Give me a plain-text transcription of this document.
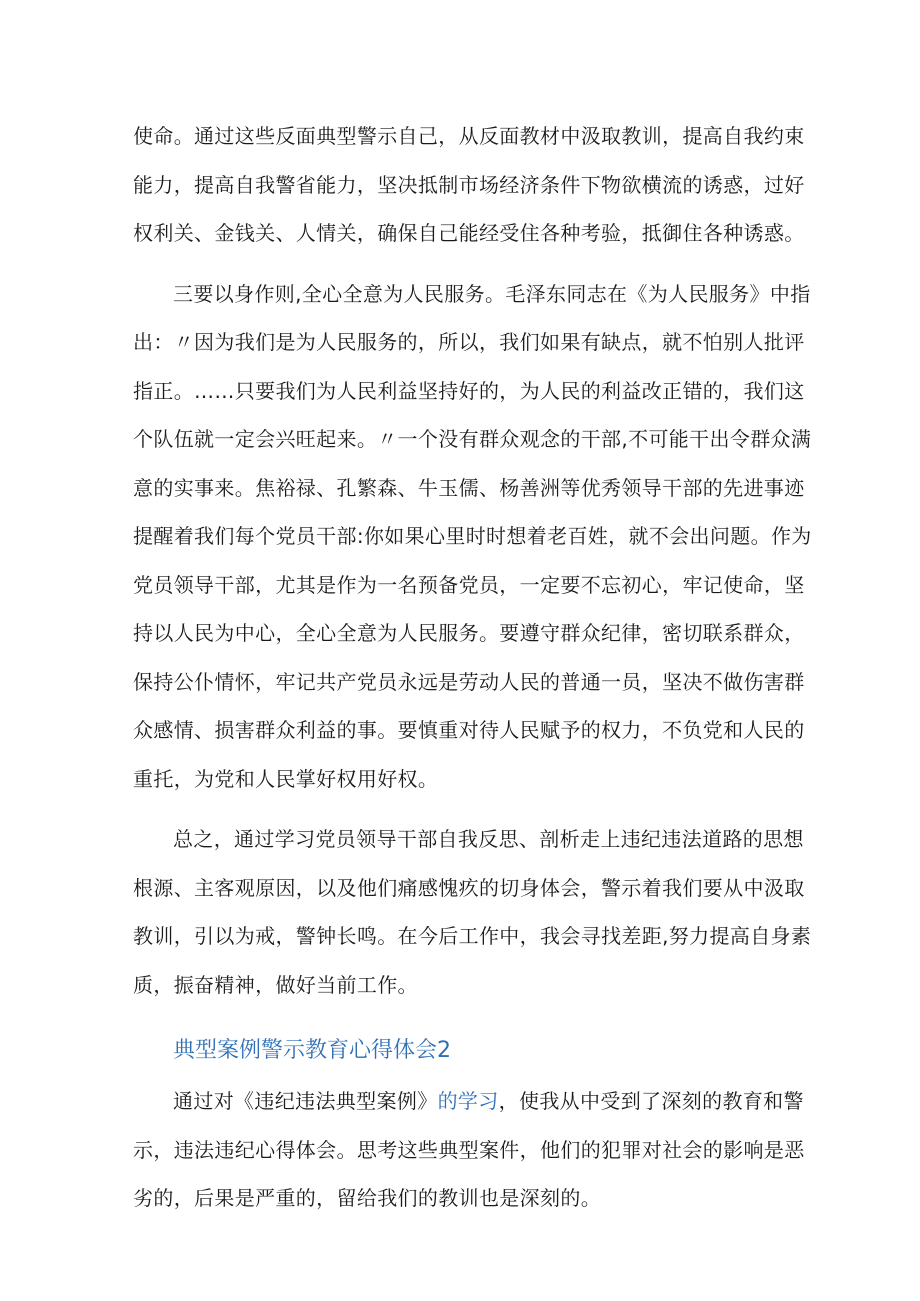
使命。通过这些反面典型警示自己，从反面教材中汲取教训，提高自我约束能力，提高自我警省能力，坚决抵制市场经济条件下物欲横流的诱惑，过好权利关、金钱关、人情关，确保自己能经受住各种考验，抵御住各种诱惑。

三要以身作则,全心全意为人民服务。毛泽东同志在《为人民服务》中指出：〃因为我们是为人民服务的，所以，我们如果有缺点，就不怕别人批评指正。……只要我们为人民利益坚持好的，为人民的利益改正错的，我们这个队伍就一定会兴旺起来。〃一个没有群众观念的干部,不可能干出令群众满意的实事来。焦裕禄、孔繁森、牛玉儒、杨善洲等优秀领导干部的先进事迹提醒着我们每个党员干部:你如果心里时时想着老百姓，就不会出问题。作为党员领导干部，尤其是作为一名预备党员，一定要不忘初心，牢记使命，坚持以人民为中心，全心全意为人民服务。要遵守群众纪律，密切联系群众，保持公仆情怀，牢记共产党员永远是劳动人民的普通一员，坚决不做伤害群众感情、损害群众利益的事。要慎重对待人民赋予的权力，不负党和人民的重托，为党和人民掌好权用好权。

总之，通过学习党员领导干部自我反思、剖析走上违纪违法道路的思想根源、主客观原因，以及他们痛感愧疚的切身体会，警示着我们要从中汲取教训，引以为戒，警钟长鸣。在今后工作中，我会寻找差距,努力提高自身素质，振奋精神，做好当前工作。

典型案例警示教育心得体会2

通过对《违纪违法典型案例》的学习，使我从中受到了深刻的教育和警示，违法违纪心得体会。思考这些典型案件，他们的犯罪对社会的影响是恶劣的，后果是严重的，留给我们的教训也是深刻的。
